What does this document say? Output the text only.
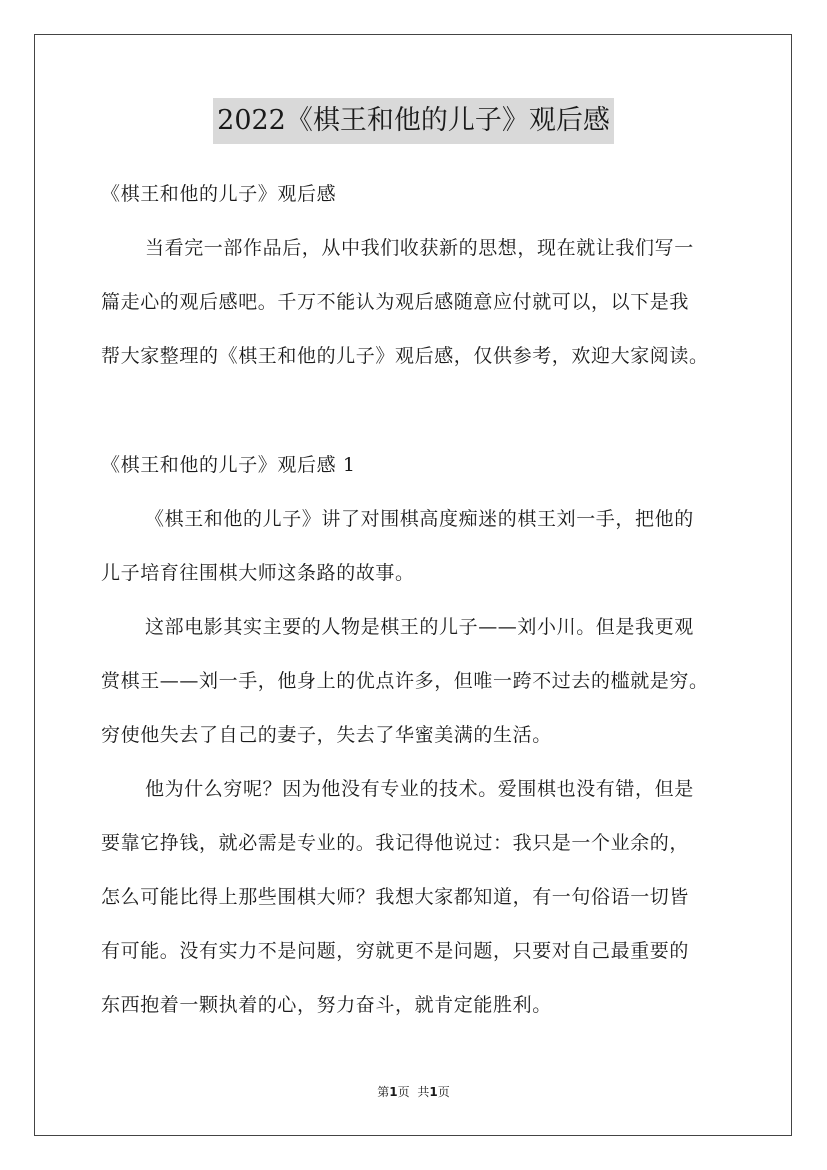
2022《棋王和他的儿子》观后感
《棋王和他的儿子》观后感
当看完一部作品后，从中我们收获新的思想，现在就让我们写一
篇走心的观后感吧。千万不能认为观后感随意应付就可以，以下是我
帮大家整理的《棋王和他的儿子》观后感，仅供参考，欢迎大家阅读。
《棋王和他的儿子》观后感 1
《棋王和他的儿子》讲了对围棋高度痴迷的棋王刘一手，把他的
儿子培育往围棋大师这条路的故事。
这部电影其实主要的人物是棋王的儿子——刘小川。但是我更观
赏棋王——刘一手，他身上的优点许多，但唯一跨不过去的槛就是穷。
穷使他失去了自己的妻子，失去了华蜜美满的生活。
他为什么穷呢？因为他没有专业的技术。爱围棋也没有错，但是
要靠它挣钱，就必需是专业的。我记得他说过：我只是一个业余的，
怎么可能比得上那些围棋大师？我想大家都知道，有一句俗语一切皆
有可能。没有实力不是问题，穷就更不是问题，只要对自己最重要的
东西抱着一颗执着的心，努力奋斗，就肯定能胜利。
第1页 共1页
